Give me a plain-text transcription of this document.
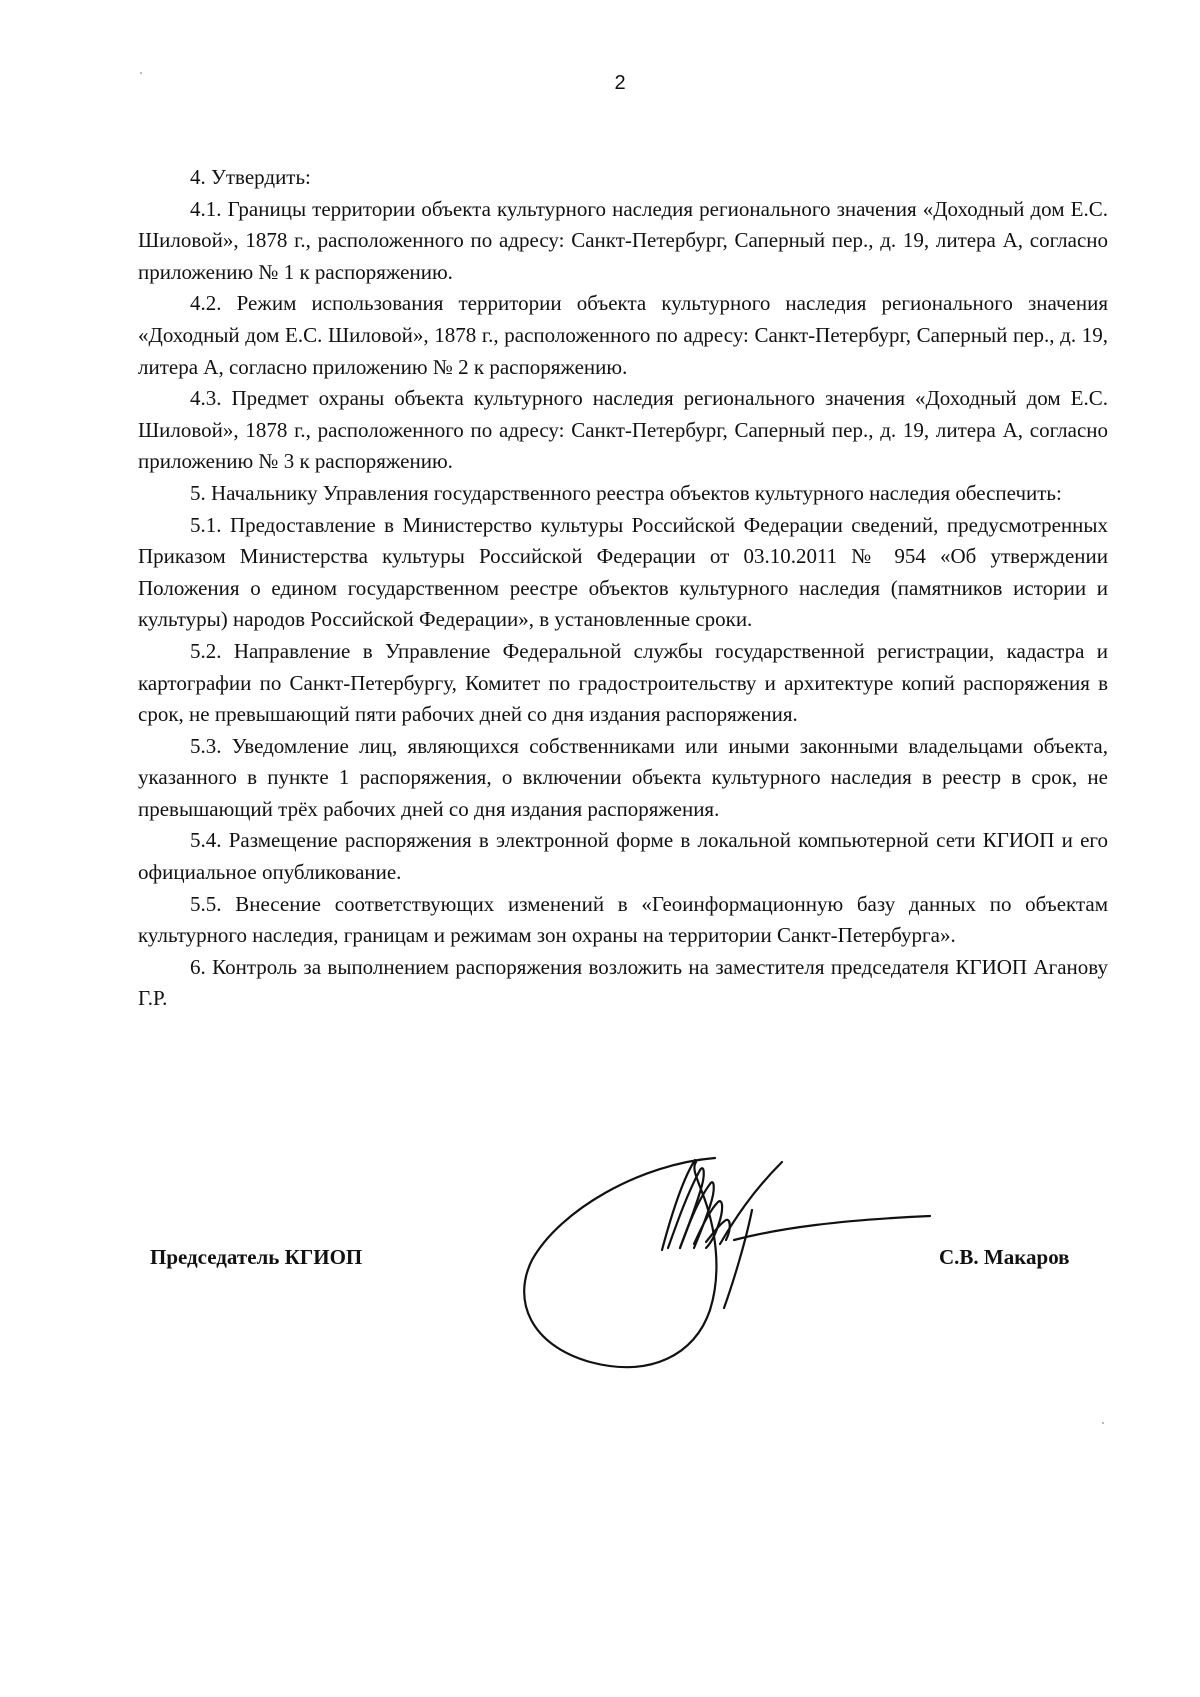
2

4. Утвердить:

4.1. Границы территории объекта культурного наследия регионального значения «Доходный дом Е.С. Шиловой», 1878 г., расположенного по адресу: Санкт-Петербург, Саперный пер., д. 19, литера А, согласно приложению № 1 к распоряжению.

4.2. Режим использования территории объекта культурного наследия регионального значения «Доходный дом Е.С. Шиловой», 1878 г., расположенного по адресу: Санкт-Петербург, Саперный пер., д. 19, литера А, согласно приложению № 2 к распоряжению.

4.3. Предмет охраны объекта культурного наследия регионального значения «Доходный дом Е.С. Шиловой», 1878 г., расположенного по адресу: Санкт-Петербург, Саперный пер., д. 19, литера А, согласно приложению № 3 к распоряжению.

5. Начальнику Управления государственного реестра объектов культурного наследия обеспечить:

5.1. Предоставление в Министерство культуры Российской Федерации сведений, предусмотренных Приказом Министерства культуры Российской Федерации от 03.10.2011 № 954 «Об утверждении Положения о едином государственном реестре объектов культурного наследия (памятников истории и культуры) народов Российской Федерации», в установленные сроки.

5.2. Направление в Управление Федеральной службы государственной регистрации, кадастра и картографии по Санкт-Петербургу, Комитет по градостроительству и архитектуре копий распоряжения в срок, не превышающий пяти рабочих дней со дня издания распоряжения.

5.3. Уведомление лиц, являющихся собственниками или иными законными владельцами объекта, указанного в пункте 1 распоряжения, о включении объекта культурного наследия в реестр в срок, не превышающий трёх рабочих дней со дня издания распоряжения.

5.4. Размещение распоряжения в электронной форме в локальной компьютерной сети КГИОП и его официальное опубликование.

5.5. Внесение соответствующих изменений в «Геоинформационную базу данных по объектам культурного наследия, границам и режимам зон охраны на территории Санкт-Петербурга».

6. Контроль за выполнением распоряжения возложить на заместителя председателя КГИОП Аганову Г.Р.

Председатель КГИОП	С.В. Макаров
